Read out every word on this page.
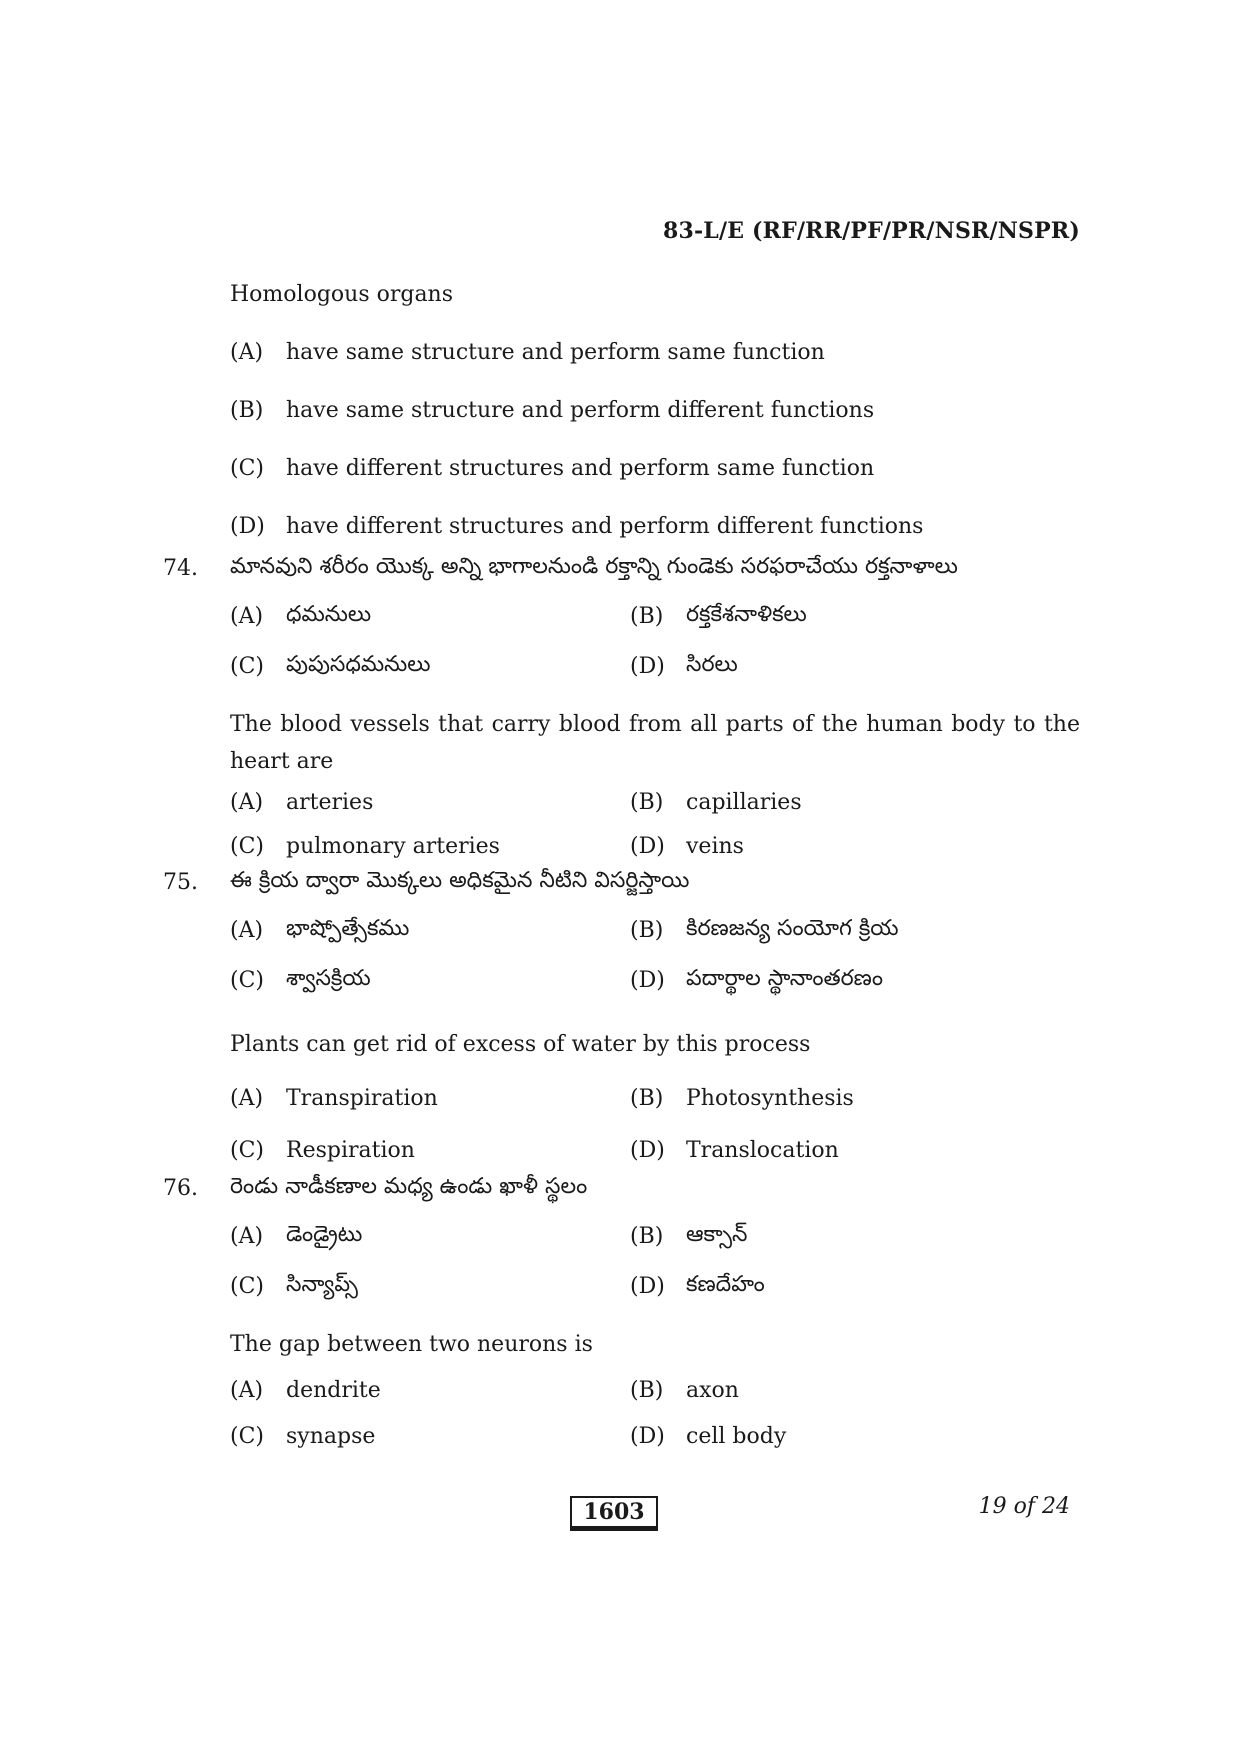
83-L/E (RF/RR/PF/PR/NSR/NSPR)
Homologous organs
(A) have same structure and perform same function
(B) have same structure and perform different functions
(C) have different structures and perform same function
(D) have different structures and perform different functions
74. మానవుని శరీరం యొక్క అన్ని భాగాలనుండి రక్తాన్ని గుండెకు సరఫరాచేయు రక్తనాళాలు
(A) ధమనులు	(B) రక్తకేశనాళికలు
(C) పుపుసధమనులు	(D) సిరలు
The blood vessels that carry blood from all parts of the human body to the heart are
(A) arteries	(B) capillaries
(C) pulmonary arteries	(D) veins
75. ఈ క్రియ ద్వారా మొక్కలు అధికమైన నీటిని విసర్జిస్తాయి
(A) భాష్పోత్సేకము	(B) కిరణజన్య సంయోగ క్రియ
(C) శ్వాసక్రియ	(D) పదార్థాల స్థానాంతరణం
Plants can get rid of excess of water by this process
(A) Transpiration	(B) Photosynthesis
(C) Respiration	(D) Translocation
76. రెండు నాడీకణాల మధ్య ఉండు ఖాళీ స్థలం
(A) డెండ్రైటు	(B) ఆక్సాన్
(C) సిన్యాప్స్	(D) కణదేహం
The gap between two neurons is
(A) dendrite	(B) axon
(C) synapse	(D) cell body
1603	19 of 24
